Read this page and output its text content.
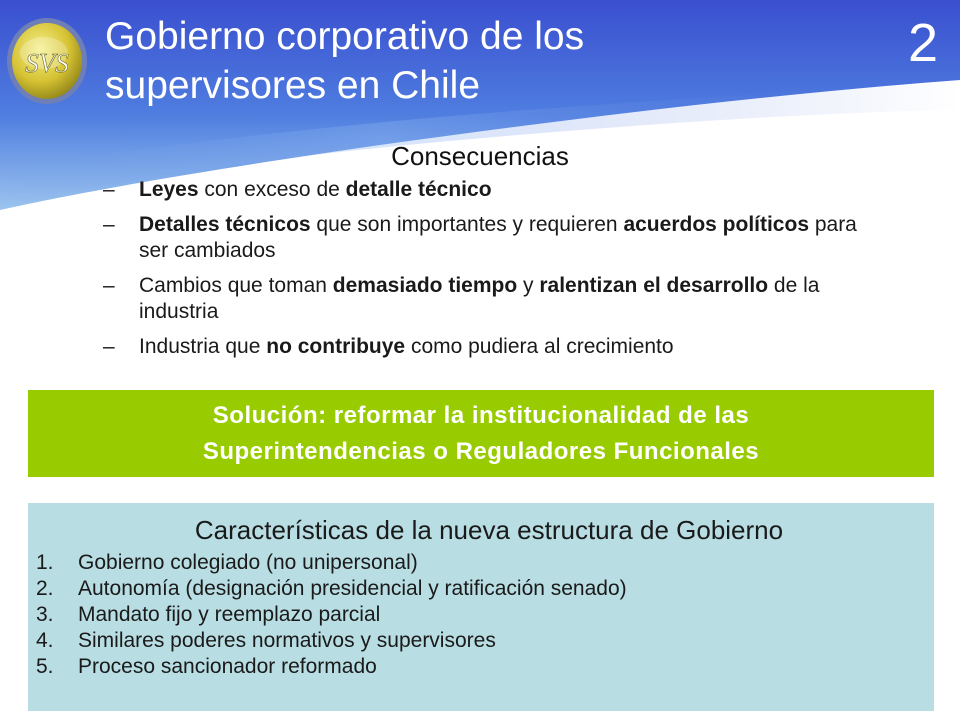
SVS
Gobierno corporativo de los
supervisores en Chile
2
Consecuencias
– Leyes con exceso de detalle técnico
– Detalles técnicos que son importantes y requieren acuerdos políticos para ser cambiados
– Cambios que toman demasiado tiempo y ralentizan el desarrollo de la industria
– Industria que no contribuye como pudiera al crecimiento
Solución: reformar la institucionalidad de las
Superintendencias o Reguladores Funcionales
Características de la nueva estructura de Gobierno
1. Gobierno colegiado (no unipersonal)
2. Autonomía (designación presidencial y ratificación senado)
3. Mandato fijo y reemplazo parcial
4. Similares poderes normativos y supervisores
5. Proceso sancionador reformado
